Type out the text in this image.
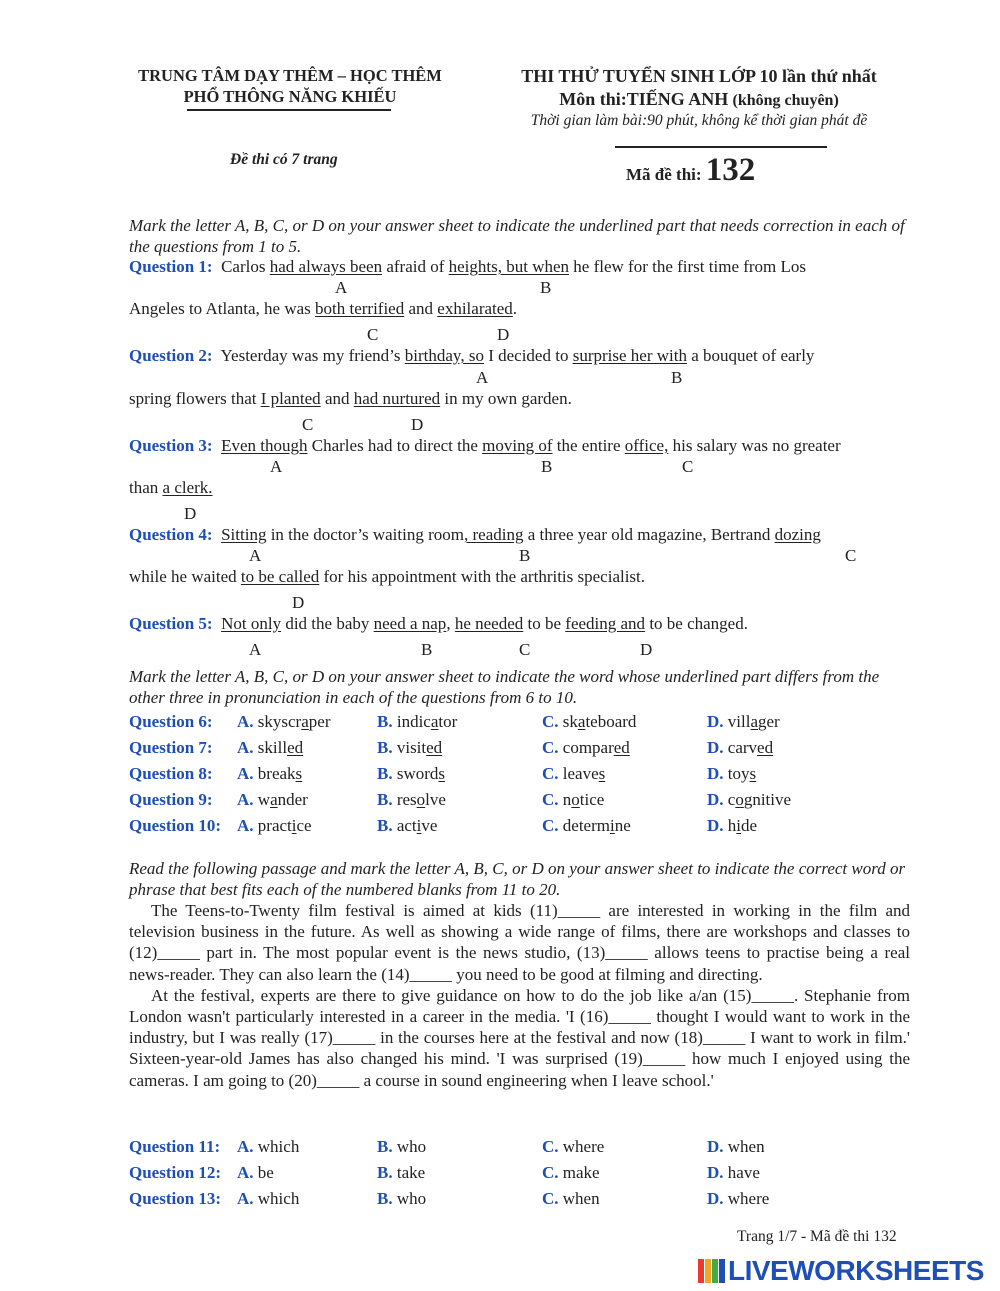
TRUNG TÂM DẠY THÊM – HỌC THÊM
PHỔ THÔNG NĂNG KHIẾU
Đề thi có 7 trang
THI THỬ TUYỂN SINH LỚP 10 lần thứ nhất
Môn thi:TIẾNG ANH (không chuyên)
Thời gian làm bài:90 phút, không kể thời gian phát đề
Mã đề thi: 132
Mark the letter A, B, C, or D on your answer sheet to indicate the underlined part that needs correction in each of the questions from 1 to 5.
Question 1: Carlos had always been afraid of heights, but when he flew for the first time from Los
A	B
Angeles to Atlanta, he was both terrified and exhilarated.
C	D
Question 2: Yesterday was my friend’s birthday, so I decided to surprise her with a bouquet of early
A	B
spring flowers that I planted and had nurtured in my own garden.
C	D
Question 3: Even though Charles had to direct the moving of the entire office, his salary was no greater
A	B	C
than a clerk.
D
Question 4: Sitting in the doctor’s waiting room, reading a three year old magazine, Bertrand dozing
A	B	C
while he waited to be called for his appointment with the arthritis specialist.
D
Question 5: Not only did the baby need a nap, he needed to be feeding and to be changed.
A	B	C	D
Mark the letter A, B, C, or D on your answer sheet to indicate the word whose underlined part differs from the other three in pronunciation in each of the questions from 6 to 10.
Question 6: A. skyscraper	B. indicator	C. skateboard	D. villager
Question 7: A. skilled	B. visited	C. compared	D. carved
Question 8: A. breaks	B. swords	C. leaves	D. toys
Question 9: A. wander	B. resolve	C. notice	D. cognitive
Question 10: A. practice	B. active	C. determine	D. hide
Read the following passage and mark the letter A, B, C, or D on your answer sheet to indicate the correct word or phrase that best fits each of the numbered blanks from 11 to 20.

The Teens-to-Twenty film festival is aimed at kids (11)_____ are interested in working in the film and television business in the future. As well as showing a wide range of films, there are workshops and classes to (12)_____ part in. The most popular event is the news studio, (13)_____ allows teens to practise being a real news-reader. They can also learn the (14)_____ you need to be good at filming and directing.

At the festival, experts are there to give guidance on how to do the job like a/an (15)_____. Stephanie from London wasn't particularly interested in a career in the media. 'I (16)_____ thought I would want to work in the industry, but I was really (17)_____ in the courses here at the festival and now (18)_____ I want to work in film.' Sixteen-year-old James has also changed his mind. 'I was surprised (19)_____ how much I enjoyed using the cameras. I am going to (20)_____ a course in sound engineering when I leave school.'

Question 11: A. which	B. who	C. where	D. when
Question 12: A. be	B. take	C. make	D. have
Question 13: A. which	B. who	C. when	D. where
Trang 1/7 - Mã đề thi 132
LIVEWORKSHEETS
